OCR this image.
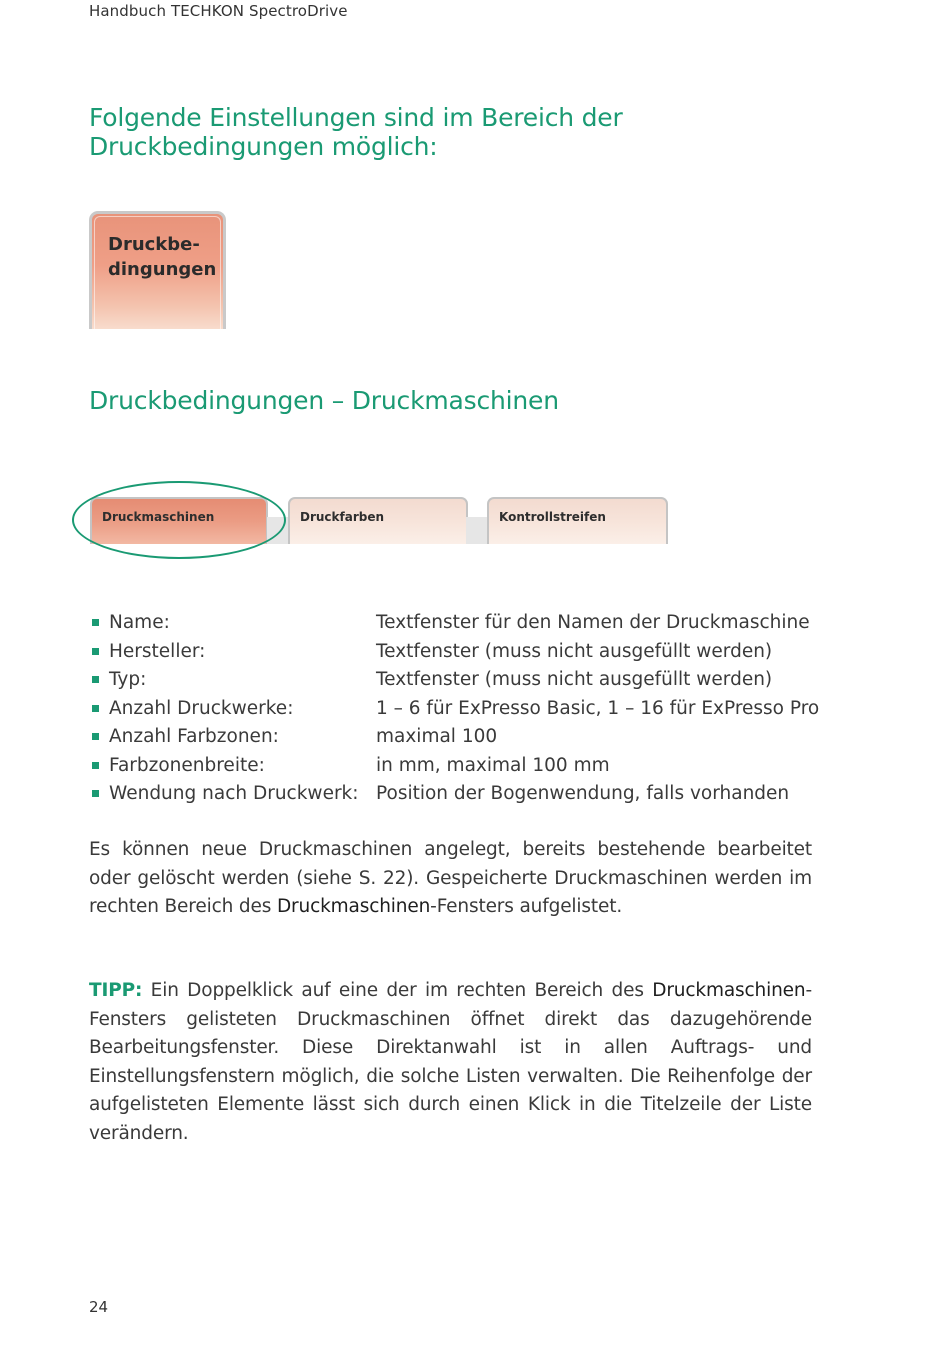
Handbuch TECHKON SpectroDrive
Folgende Einstellungen sind im Bereich der Druckbedingungen möglich:
Druckbe-
dingungen
Druckbedingungen – Druckmaschinen
Druckmaschinen	Druckfarben	Kontrollstreifen
Name:	Textfenster für den Namen der Druckmaschine
Hersteller:	Textfenster (muss nicht ausgefüllt werden)
Typ:	Textfenster (muss nicht ausgefüllt werden)
Anzahl Druckwerke:	1 – 6 für ExPresso Basic, 1 – 16 für ExPresso Pro
Anzahl Farbzonen:	maximal 100
Farbzonenbreite:	in mm, maximal 100 mm
Wendung nach Druckwerk: Position der Bogenwendung, falls vorhanden

Es können neue Druckmaschinen angelegt, bereits bestehende bearbeitet oder gelöscht werden (siehe S. 22). Gespeicherte Druckmaschinen werden im rechten Bereich des Druckmaschinen-Fensters aufgelistet.

TIPP: Ein Doppelklick auf eine der im rechten Bereich des Druckmaschinen-Fensters gelisteten Druckmaschinen öffnet direkt das dazugehörende Bearbeitungsfenster. Diese Direktanwahl ist in allen Auftrags- und Einstellungsfenstern möglich, die solche Listen verwalten. Die Reihenfolge der aufgelisteten Elemente lässt sich durch einen Klick in die Titelzeile der Liste verändern.

24
